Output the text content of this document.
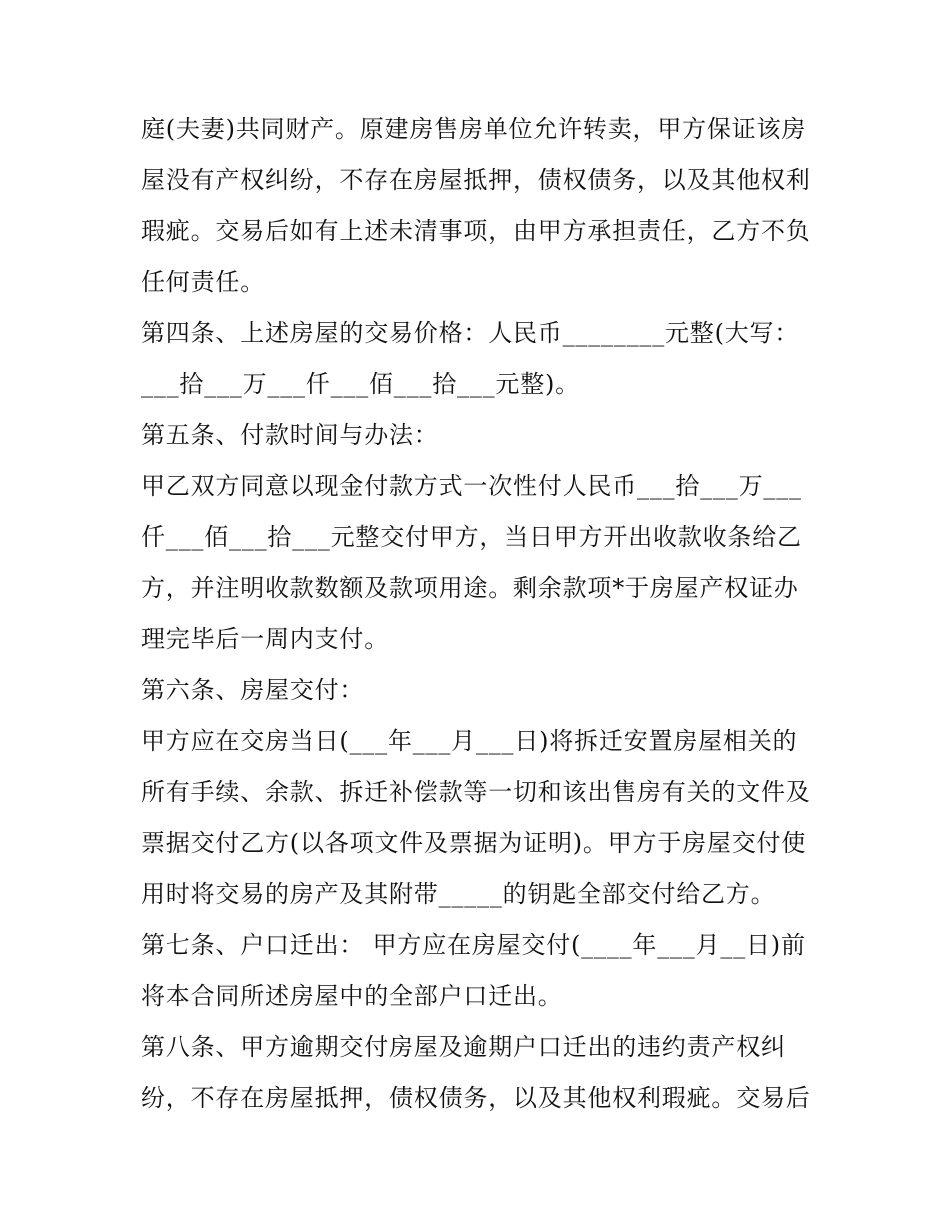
庭(夫妻)共同财产。原建房售房单位允许转卖，甲方保证该房
屋没有产权纠纷，不存在房屋抵押，债权债务，以及其他权利
瑕疵。交易后如有上述未清事项，由甲方承担责任，乙方不负
任何责任。
第四条、上述房屋的交易价格：人民币________元整(大写：
___拾___万___仟___佰___拾___元整)。
第五条、付款时间与办法：
甲乙双方同意以现金付款方式一次性付人民币___拾___万___
仟___佰___拾___元整交付甲方，当日甲方开出收款收条给乙
方，并注明收款数额及款项用途。剩余款项*于房屋产权证办
理完毕后一周内支付。
第六条、房屋交付：
甲方应在交房当日(___年___月___日)将拆迁安置房屋相关的
所有手续、余款、拆迁补偿款等一切和该出售房有关的文件及
票据交付乙方(以各项文件及票据为证明)。甲方于房屋交付使
用时将交易的房产及其附带_____的钥匙全部交付给乙方。
第七条、户口迁出： 甲方应在房屋交付(____年___月__日)前
将本合同所述房屋中的全部户口迁出。
第八条、甲方逾期交付房屋及逾期户口迁出的违约责产权纠
纷，不存在房屋抵押，债权债务，以及其他权利瑕疵。交易后
